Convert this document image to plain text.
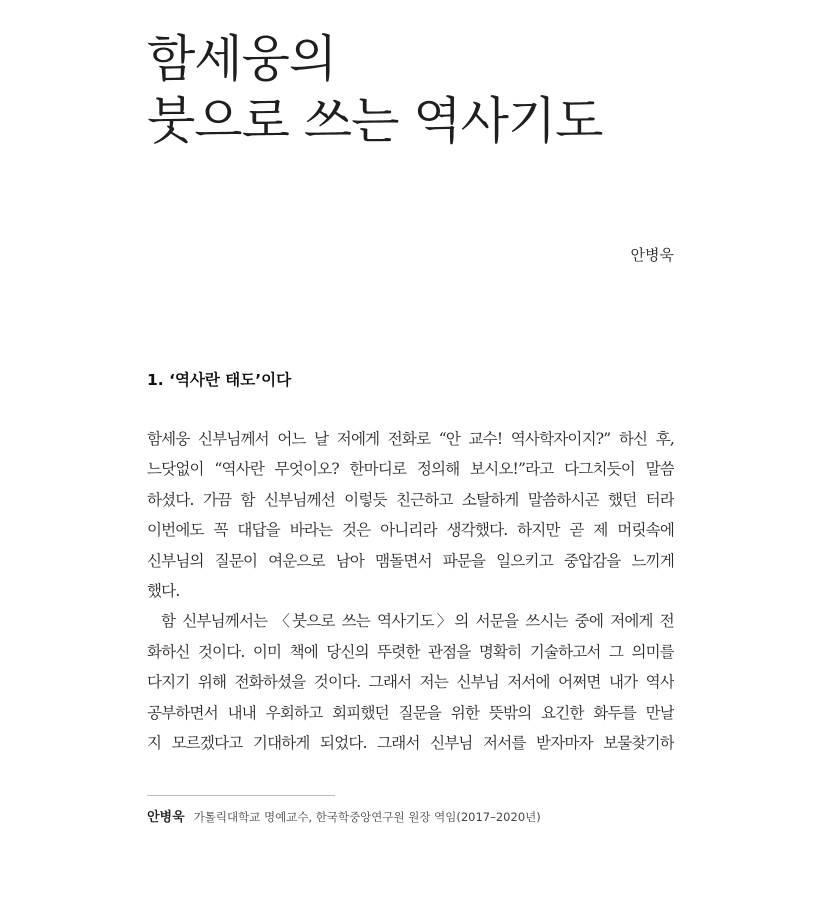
함세웅의
붓으로 쓰는 역사기도
안병욱
1. ‘역사란 태도’이다
함세웅 신부님께서 어느 날 저에게 전화로 “안 교수! 역사학자이지?” 하신 후,
느닷없이 “역사란 무엇이오? 한마디로 정의해 보시오!”라고 다그치듯이 말씀
하셨다. 가끔 함 신부님께선 이렇듯 친근하고 소탈하게 말씀하시곤 했던 터라
이번에도 꼭 대답을 바라는 것은 아니리라 생각했다. 하지만 곧 제 머릿속에
신부님의 질문이 여운으로 남아 맴돌면서 파문을 일으키고 중압감을 느끼게
했다.
함 신부님께서는 〈붓으로 쓰는 역사기도〉의 서문을 쓰시는 중에 저에게 전
화하신 것이다. 이미 책에 당신의 뚜렷한 관점을 명확히 기술하고서 그 의미를
다지기 위해 전화하셨을 것이다. 그래서 저는 신부님 저서에 어쩌면 내가 역사
공부하면서 내내 우회하고 회피했던 질문을 위한 뜻밖의 요긴한 화두를 만날
지 모르겠다고 기대하게 되었다. 그래서 신부님 저서를 받자마자 보물찾기하
안병욱 가톨릭대학교 명예교수, 한국학중앙연구원 원장 역임(2017–2020년)
